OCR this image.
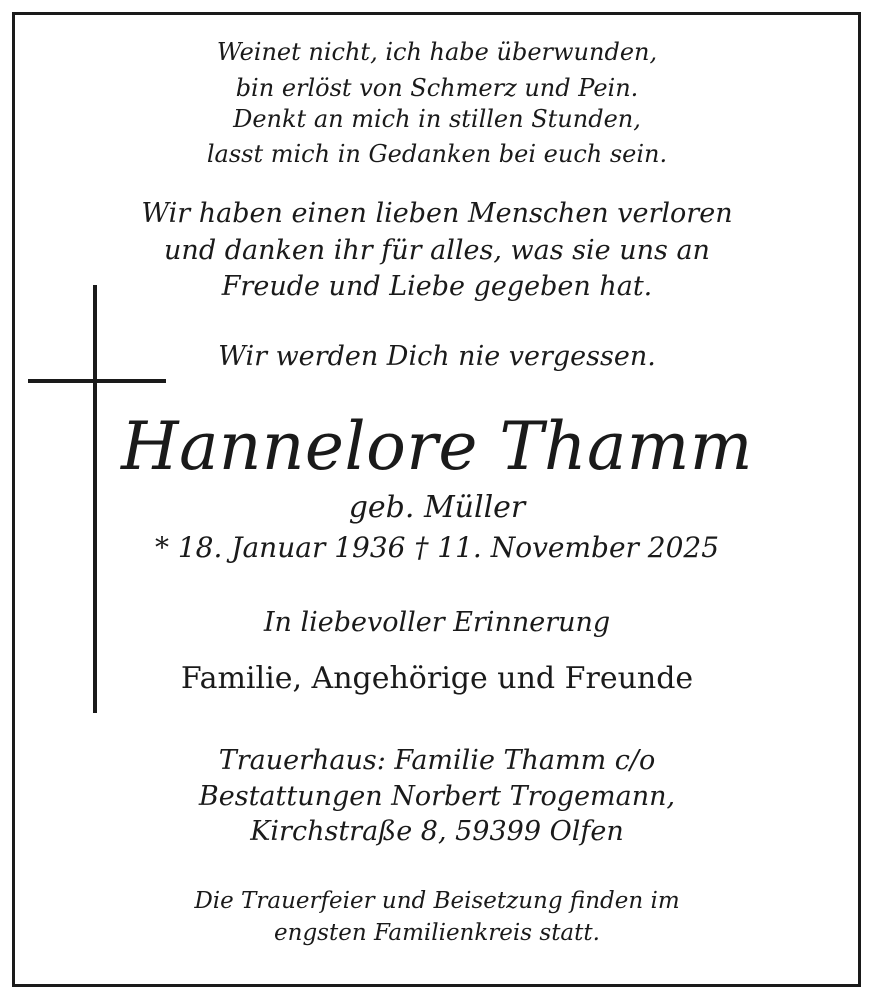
Weinet nicht, ich habe überwunden,
bin erlöst von Schmerz und Pein.
Denkt an mich in stillen Stunden,
lasst mich in Gedanken bei euch sein.
Wir haben einen lieben Menschen verloren
und danken ihr für alles, was sie uns an
Freude und Liebe gegeben hat.
Wir werden Dich nie vergessen.
Hannelore Thamm
geb. Müller
* 18. Januar 1936 † 11. November 2025
In liebevoller Erinnerung
Familie, Angehörige und Freunde
Trauerhaus: Familie Thamm c/o
Bestattungen Norbert Trogemann,
Kirchstraße 8, 59399 Olfen
Die Trauerfeier und Beisetzung finden im
engsten Familienkreis statt.
